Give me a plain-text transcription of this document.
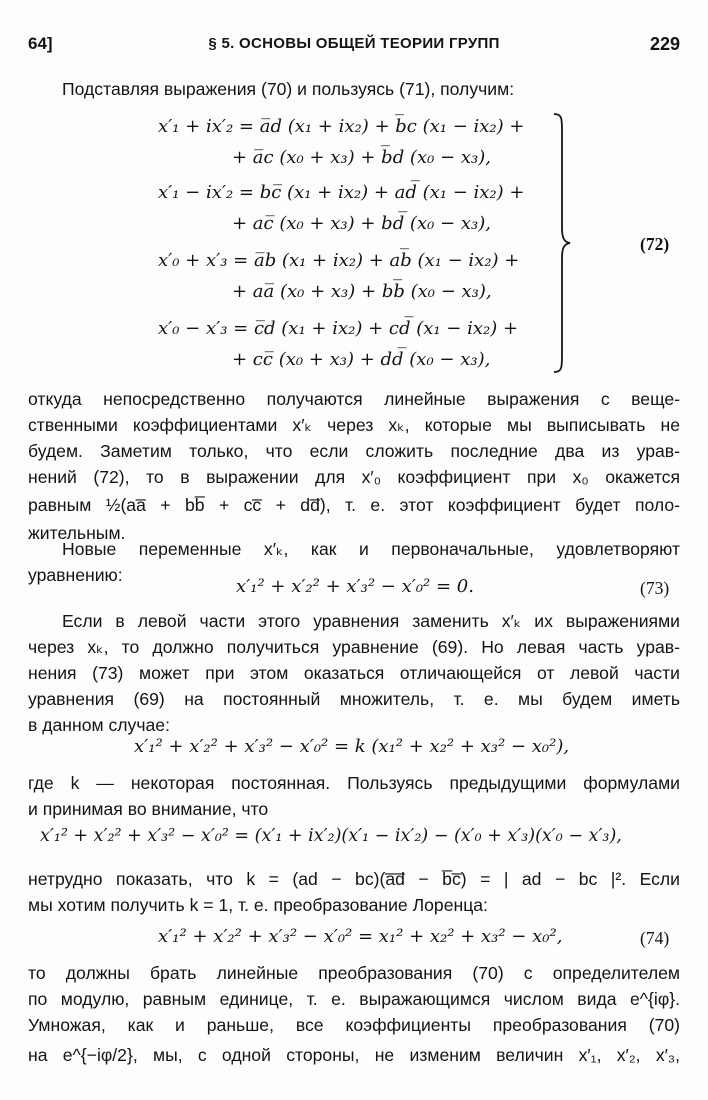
64]	§ 5. ОСНОВЫ ОБЩЕЙ ТЕОРИИ ГРУПП	229
Подставляя выражения (70) и пользуясь (71), получим:
x′₁ + ix′₂ = a̅d (x₁ + ix₂) + b̅c (x₁ − ix₂) +
+ a̅c (x₀ + x₃) + b̅d (x₀ − x₃),
x′₁ − ix′₂ = bc̅ (x₁ + ix₂) + ad̅ (x₁ − ix₂) +
+ ac̅ (x₀ + x₃) + bd̅ (x₀ − x₃),
x′₀ + x′₃ = a̅b (x₁ + ix₂) + ab̅ (x₁ − ix₂) +
+ aa̅ (x₀ + x₃) + bb̅ (x₀ − x₃),
x′₀ − x′₃ = c̅d (x₁ + ix₂) + cd̅ (x₁ − ix₂) +
+ cc̅ (x₀ + x₃) + dd̅ (x₀ − x₃),
(72)
откуда непосредственно получаются линейные выражения с веще-
ственными коэффициентами x′ₖ через xₖ, которые мы выписывать не
будем. Заметим только, что если сложить последние два из урав-
нений (72), то в выражении для x′₀ коэффициент при x₀ окажется
равным ½(aa̅ + bb̅ + cc̅ + dd̅), т. е. этот коэффициент будет поло-
жительным.
Новые переменные x′ₖ, как и первоначальные, удовлетворяют
уравнению:
x′₁² + x′₂² + x′₃² − x′₀² = 0.	(73)
Если в левой части этого уравнения заменить x′ₖ их выражениями
через xₖ, то должно получиться уравнение (69). Но левая часть урав-
нения (73) может при этом оказаться отличающейся от левой части
уравнения (69) на постоянный множитель, т. е. мы будем иметь
в данном случае:
x′₁² + x′₂² + x′₃² − x′₀² = k (x₁² + x₂² + x₃² − x₀²),
где k — некоторая постоянная. Пользуясь предыдущими формулами
и принимая во внимание, что
x′₁² + x′₂² + x′₃² − x′₀² = (x′₁ + ix′₂)(x′₁ − ix′₂) − (x′₀ + x′₃)(x′₀ − x′₃),
нетрудно показать, что k = (ad − bc)(a̅d̅ − b̅c̅) = | ad − bc |². Если
мы хотим получить k = 1, т. е. преобразование Лоренца:
x′₁² + x′₂² + x′₃² − x′₀² = x₁² + x₂² + x₃² − x₀²,	(74)
то должны брать линейные преобразования (70) с определителем
по модулю, равным единице, т. е. выражающимся числом вида e^{iφ}.
Умножая, как и раньше, все коэффициенты преобразования (70)
на e^{−iφ/2}, мы, с одной стороны, не изменим величин x′₁, x′₂, x′₃,
